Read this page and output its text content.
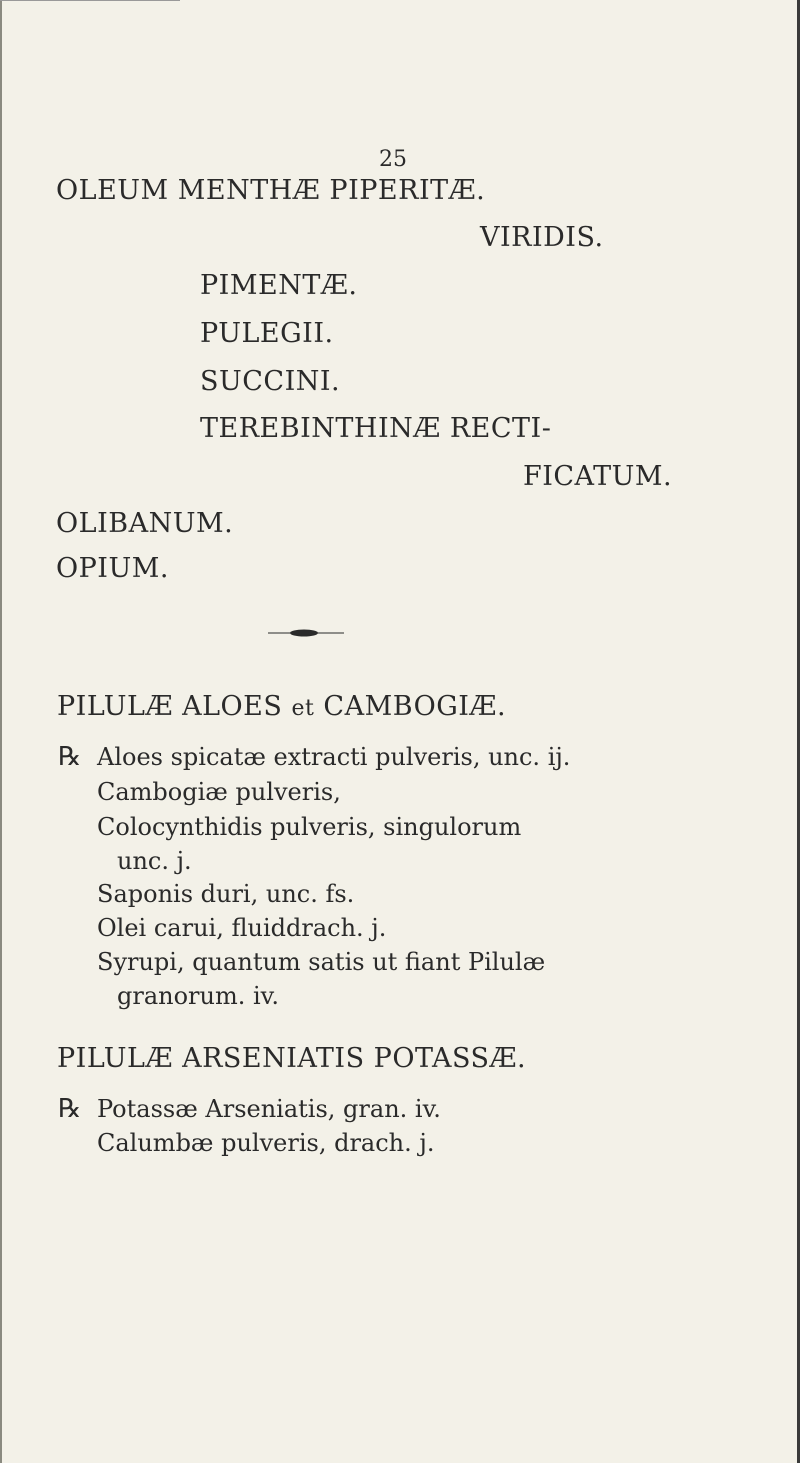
25
OLEUM MENTHÆ PIPERITÆ.
VIRIDIS.
PIMENTÆ.
PULEGII.
SUCCINI.
TEREBINTHINÆ RECTI-
FICATUM.
OLIBANUM.
OPIUM.
PILULÆ ALOES et CAMBOGIÆ.
℞ Aloes spicatæ extracti pulveris, unc. ij.
Cambogiæ pulveris,
Colocynthidis pulveris, singulorum
unc. j.
Saponis duri, unc. fs.
Olei carui, fluiddrach. j.
Syrupi, quantum satis ut fiant Pilulæ
granorum. iv.
PILULÆ ARSENIATIS POTASSÆ.
℞ Potassæ Arseniatis, gran. iv.
Calumbæ pulveris, drach. j.
